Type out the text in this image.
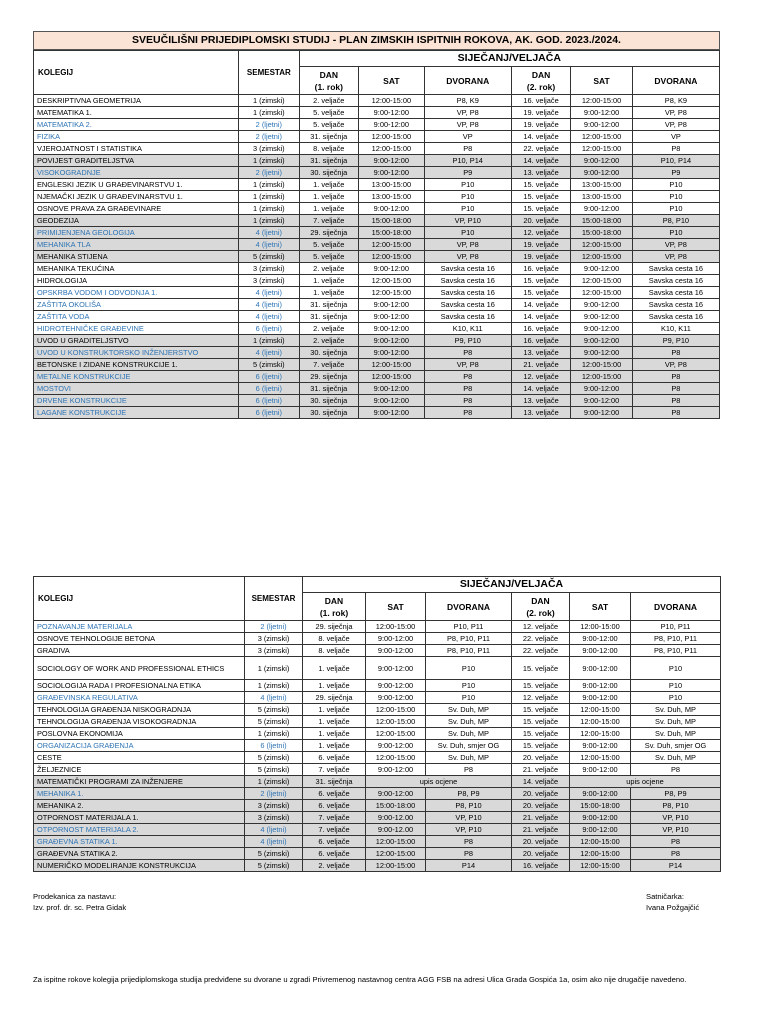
SVEUČILIŠNI PRIJEDIPLOMSKI STUDIJ - PLAN ZIMSKIH ISPITNIH ROKOVA, AK. GOD. 2023./2024.
KOLEGIJ	SEMESTAR	SIJEČANJ/VELJAČA					
		DAN
(1. rok)	SAT	DVORANA	DAN
(2. rok)	SAT	DVORANA
DESKRIPTIVNA GEOMETRIJA	1 (zimski)	2. veljače	12:00-15:00	P8, K9	16. veljače	12:00-15:00	P8, K9
MATEMATIKA 1.	1 (zimski)	5. veljače	9:00-12:00	VP, P8	19. veljače	9:00-12:00	VP, P8
MATEMATIKA 2.	2 (ljetni)	5. veljače	9:00-12:00	VP, P8	19. veljače	9:00-12:00	VP, P8
FIZIKA	2 (ljetni)	31. siječnja	12:00-15:00	VP	14. veljače	12:00-15:00	VP
VJEROJATNOST I STATISTIKA	3 (zimski)	8. veljače	12:00-15:00	P8	22. veljače	12:00-15:00	P8
POVIJEST GRADITELJSTVA	1 (zimski)	31. siječnja	9:00-12:00	P10, P14	14. veljače	9:00-12:00	P10, P14
VISOKOGRADNJE	2 (ljetni)	30. siječnja	9:00-12:00	P9	13. veljače	9:00-12:00	P9
ENGLESKI JEZIK U GRAĐEVINARSTVU 1.	1 (zimski)	1. veljače	13:00-15:00	P10	15. veljače	13:00-15:00	P10
NJEMAČKI JEZIK U GRAĐEVINARSTVU 1.	1 (zimski)	1. veljače	13:00-15:00	P10	15. veljače	13:00-15:00	P10
OSNOVE PRAVA ZA GRAĐEVINARE	1 (zimski)	1. veljače	9:00-12:00	P10	15. veljače	9:00-12:00	P10
GEODEZIJA	1 (zimski)	7. veljače	15:00-18:00	VP, P10	20. veljače	15:00-18:00	P8, P10
PRIMIJENJENA GEOLOGIJA	4 (ljetni)	29. siječnja	15:00-18:00	P10	12. veljače	15:00-18:00	P10
MEHANIKA TLA	4 (ljetni)	5. veljače	12:00-15:00	VP, P8	19. veljače	12:00-15:00	VP, P8
MEHANIKA STIJENA	5 (zimski)	5. veljače	12:00-15:00	VP, P8	19. veljače	12:00-15:00	VP, P8
MEHANIKA TEKUĆINA	3 (zimski)	2. veljače	9:00-12:00	Savska cesta 16	16. veljače	9:00-12:00	Savska cesta 16
HIDROLOGIJA	3 (zimski)	1. veljače	12:00-15:00	Savska cesta 16	15. veljače	12:00-15:00	Savska cesta 16
OPSKRBA VODOM I ODVODNJA 1.	4 (ljetni)	1. veljače	12:00-15:00	Savska cesta 16	15. veljače	12:00-15:00	Savska cesta 16
ZAŠTITA OKOLIŠA	4 (ljetni)	31. siječnja	9:00-12:00	Savska cesta 16	14. veljače	9:00-12:00	Savska cesta 16
ZAŠTITA VODA	4 (ljetni)	31. siječnja	9:00-12:00	Savska cesta 16	14. veljače	9:00-12:00	Savska cesta 16
HIDROTEHNIČKE GRAĐEVINE	6 (ljetni)	2. veljače	9:00-12:00	K10, K11	16. veljače	9:00-12:00	K10, K11
UVOD U GRADITELJSTVO	1 (zimski)	2. veljače	9:00-12:00	P9, P10	16. veljače	9:00-12:00	P9, P10
UVOD U KONSTRUKTORSKO INŽENJERSTVO	4 (ljetni)	30. siječnja	9:00-12:00	P8	13. veljače	9:00-12:00	P8
BETONSKE I ZIDANE KONSTRUKCIJE 1.	5 (zimski)	7. veljače	12:00-15:00	VP, P8	21. veljače	12:00-15:00	VP, P8
METALNE KONSTRUKCIJE	6 (ljetni)	29. siječnja	12:00-15:00	P8	12. veljače	12:00-15:00	P8
MOSTOVI	6 (ljetni)	31. siječnja	9:00-12:00	P8	14. veljače	9:00-12:00	P8
DRVENE KONSTRUKCIJE	6 (ljetni)	30. siječnja	9:00-12:00	P8	13. veljače	9:00-12:00	P8
LAGANE KONSTRUKCIJE	6 (ljetni)	30. siječnja	9:00-12:00	P8	13. veljače	9:00-12:00	P8
KOLEGIJ	SEMESTAR	SIJEČANJ/VELJAČA					
		DAN
(1. rok)	SAT	DVORANA	DAN
(2. rok)	SAT	DVORANA
POZNAVANJE MATERIJALA	2 (ljetni)	29. siječnja	12:00-15:00	P10, P11	12. veljače	12:00-15:00	P10, P11
OSNOVE TEHNOLOGIJE BETONA	3 (zimski)	8. veljače	9:00-12:00	P8, P10, P11	22. veljače	9:00-12:00	P8, P10, P11
GRADIVA	3 (zimski)	8. veljače	9:00-12:00	P8, P10, P11	22. veljače	9:00-12:00	P8, P10, P11
SOCIOLOGY OF WORK AND PROFESSIONAL ETHICS	1 (zimski)	1. veljače	9:00-12:00	P10	15. veljače	9:00-12:00	P10
SOCIOLOGIJA RADA I PROFESIONALNA ETIKA	1 (zimski)	1. veljače	9:00-12:00	P10	15. veljače	9:00-12:00	P10
GRAĐEVINSKA REGULATIVA	4 (ljetni)	29. siječnja	9:00-12:00	P10	12. veljače	9:00-12:00	P10
TEHNOLOGIJA GRAĐENJA NISKOGRADNJA	5 (zimski)	1. veljače	12:00-15:00	Sv. Duh, MP	15. veljače	12:00-15:00	Sv. Duh, MP
TEHNOLOGIJA GRAĐENJA VISOKOGRADNJA	5 (zimski)	1. veljače	12:00-15:00	Sv. Duh, MP	15. veljače	12:00-15:00	Sv. Duh, MP
POSLOVNA EKONOMIJA	1 (zimski)	1. veljače	12:00-15:00	Sv. Duh, MP	15. veljače	12:00-15:00	Sv. Duh, MP
ORGANIZACIJA GRAĐENJA	6 (ljetni)	1. veljače	9:00-12:00	Sv. Duh, smjer OG	15. veljače	9:00-12:00	Sv. Duh, smjer OG
CESTE	5 (zimski)	6. veljače	12:00-15:00	Sv. Duh, MP	20. veljače	12:00-15:00	Sv. Duh, MP
ŽELJEZNICE	5 (zimski)	7. veljače	9:00-12:00	P8	21. veljače	9:00-12:00	P8
MATEMATIČKI PROGRAMI ZA INŽENJERE	1 (zimski)	31. siječnja	upis ocjene		14. veljače	upis ocjene	
MEHANIKA 1.	2 (ljetni)	6. veljače	9:00-12:00	P8, P9	20. veljače	9:00-12:00	P8, P9
MEHANIKA 2.	3 (zimski)	6. veljače	15:00-18:00	P8, P10	20. veljače	15:00-18:00	P8, P10
OTPORNOST MATERIJALA 1.	3 (zimski)	7. veljače	9:00-12.00	VP, P10	21. veljače	9:00-12:00	VP, P10
OTPORNOST MATERIJALA 2.	4 (ljetni)	7. veljače	9:00-12.00	VP, P10	21. veljače	9:00-12:00	VP, P10
GRAĐEVNA STATIKA 1.	4 (ljetni)	6. veljače	12:00-15:00	P8	20. veljače	12:00-15:00	P8
GRAĐEVNA STATIKA 2.	5 (zimski)	6. veljače	12:00-15:00	P8	20. veljače	12:00-15:00	P8
NUMERIČKO MODELIRANJE KONSTRUKCIJA	5 (zimski)	2. veljače	12:00-15:00	P14	16. veljače	12:00-15:00	P14
Prodekanica za nastavu:
Izv. prof. dr. sc. Petra Gidak
Satničarka:
Ivana Požgajčić
Za ispitne rokove kolegija prijediplomskoga studija predviđene su dvorane u zgradi Privremenog nastavnog centra AGG FSB na adresi Ulica Grada Gospića 1a, osim ako nije drugačije navedeno.
